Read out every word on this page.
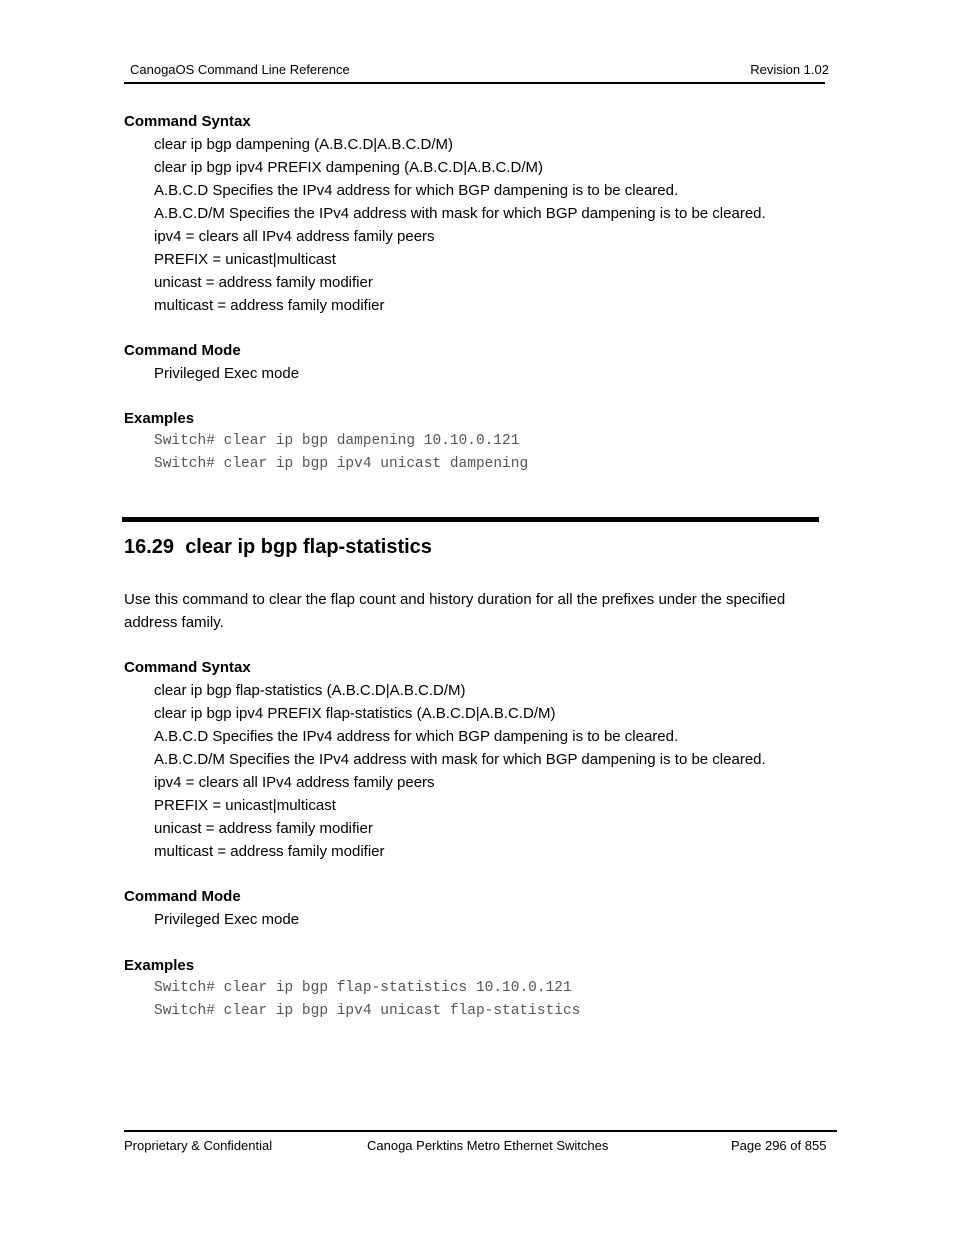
CanogaOS Command Line Reference	Revision 1.02
Command Syntax
clear ip bgp dampening (A.B.C.D|A.B.C.D/M)
clear ip bgp ipv4 PREFIX dampening (A.B.C.D|A.B.C.D/M)
A.B.C.D Specifies the IPv4 address for which BGP dampening is to be cleared.
A.B.C.D/M Specifies the IPv4 address with mask for which BGP dampening is to be cleared.
ipv4 = clears all IPv4 address family peers
PREFIX = unicast|multicast
unicast = address family modifier
multicast = address family modifier
Command Mode
Privileged Exec mode
Examples
Switch# clear ip bgp dampening 10.10.0.121
Switch# clear ip bgp ipv4 unicast dampening
16.29 clear ip bgp flap-statistics
Use this command to clear the flap count and history duration for all the prefixes under the specified address family.
Command Syntax
clear ip bgp flap-statistics (A.B.C.D|A.B.C.D/M)
clear ip bgp ipv4 PREFIX flap-statistics (A.B.C.D|A.B.C.D/M)
A.B.C.D Specifies the IPv4 address for which BGP dampening is to be cleared.
A.B.C.D/M Specifies the IPv4 address with mask for which BGP dampening is to be cleared.
ipv4 = clears all IPv4 address family peers
PREFIX = unicast|multicast
unicast = address family modifier
multicast = address family modifier
Command Mode
Privileged Exec mode
Examples
Switch# clear ip bgp flap-statistics 10.10.0.121
Switch# clear ip bgp ipv4 unicast flap-statistics
Proprietary & Confidential	Canoga Perktins Metro Ethernet Switches	Page 296 of 855
